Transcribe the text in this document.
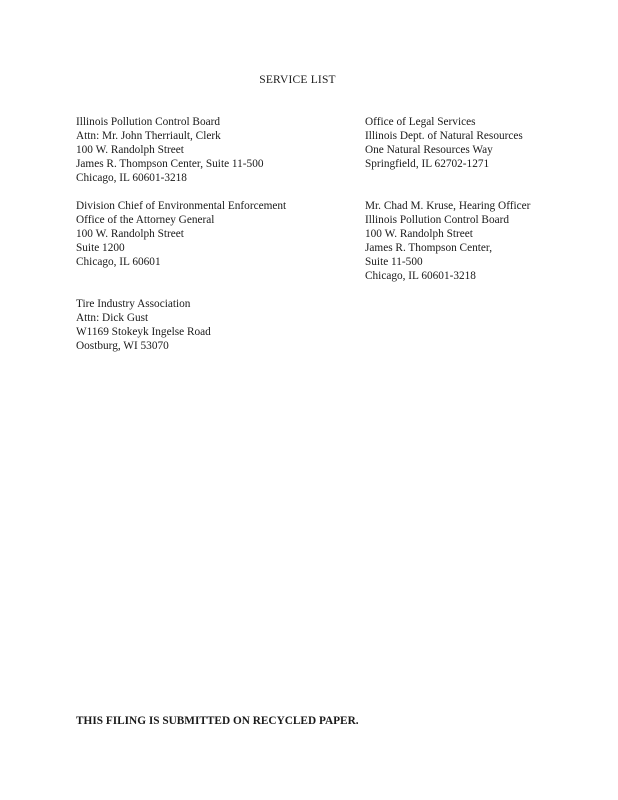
SERVICE LIST
Illinois Pollution Control Board
Attn: Mr. John Therriault, Clerk
100 W. Randolph Street
James R. Thompson Center, Suite 11-500
Chicago, IL 60601-3218
Office of Legal Services
Illinois Dept. of Natural Resources
One Natural Resources Way
Springfield, IL 62702-1271
Division Chief of Environmental Enforcement
Office of the Attorney General
100 W. Randolph Street
Suite 1200
Chicago, IL 60601
Mr. Chad M. Kruse, Hearing Officer
Illinois Pollution Control Board
100 W. Randolph Street
James R. Thompson Center,
Suite 11-500
Chicago, IL 60601-3218
Tire Industry Association
Attn: Dick Gust
W1169 Stokeyk Ingelse Road
Oostburg, WI 53070
THIS FILING IS SUBMITTED ON RECYCLED PAPER.
